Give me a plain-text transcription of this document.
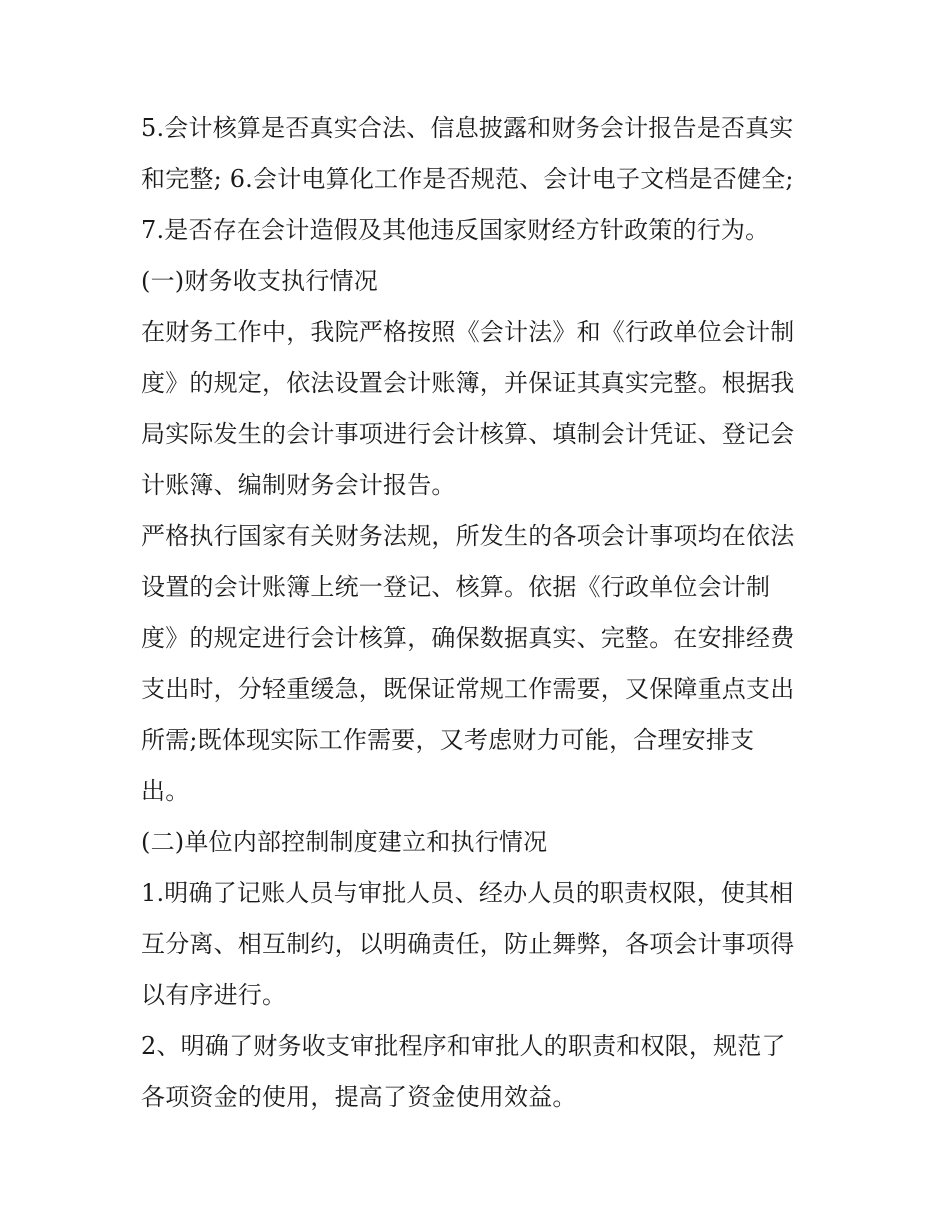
5.会计核算是否真实合法、信息披露和财务会计报告是否真实
和完整; 6.会计电算化工作是否规范、会计电子文档是否健全;
7.是否存在会计造假及其他违反国家财经方针政策的行为。
(一)财务收支执行情况
在财务工作中，我院严格按照《会计法》和《行政单位会计制
度》的规定，依法设置会计账簿，并保证其真实完整。根据我
局实际发生的会计事项进行会计核算、填制会计凭证、登记会
计账簿、编制财务会计报告。
严格执行国家有关财务法规，所发生的各项会计事项均在依法
设置的会计账簿上统一登记、核算。依据《行政单位会计制
度》的规定进行会计核算，确保数据真实、完整。在安排经费
支出时，分轻重缓急，既保证常规工作需要，又保障重点支出
所需;既体现实际工作需要，又考虑财力可能，合理安排支
出。
(二)单位内部控制制度建立和执行情况
1.明确了记账人员与审批人员、经办人员的职责权限，使其相
互分离、相互制约，以明确责任，防止舞弊，各项会计事项得
以有序进行。
2、明确了财务收支审批程序和审批人的职责和权限，规范了
各项资金的使用，提高了资金使用效益。
